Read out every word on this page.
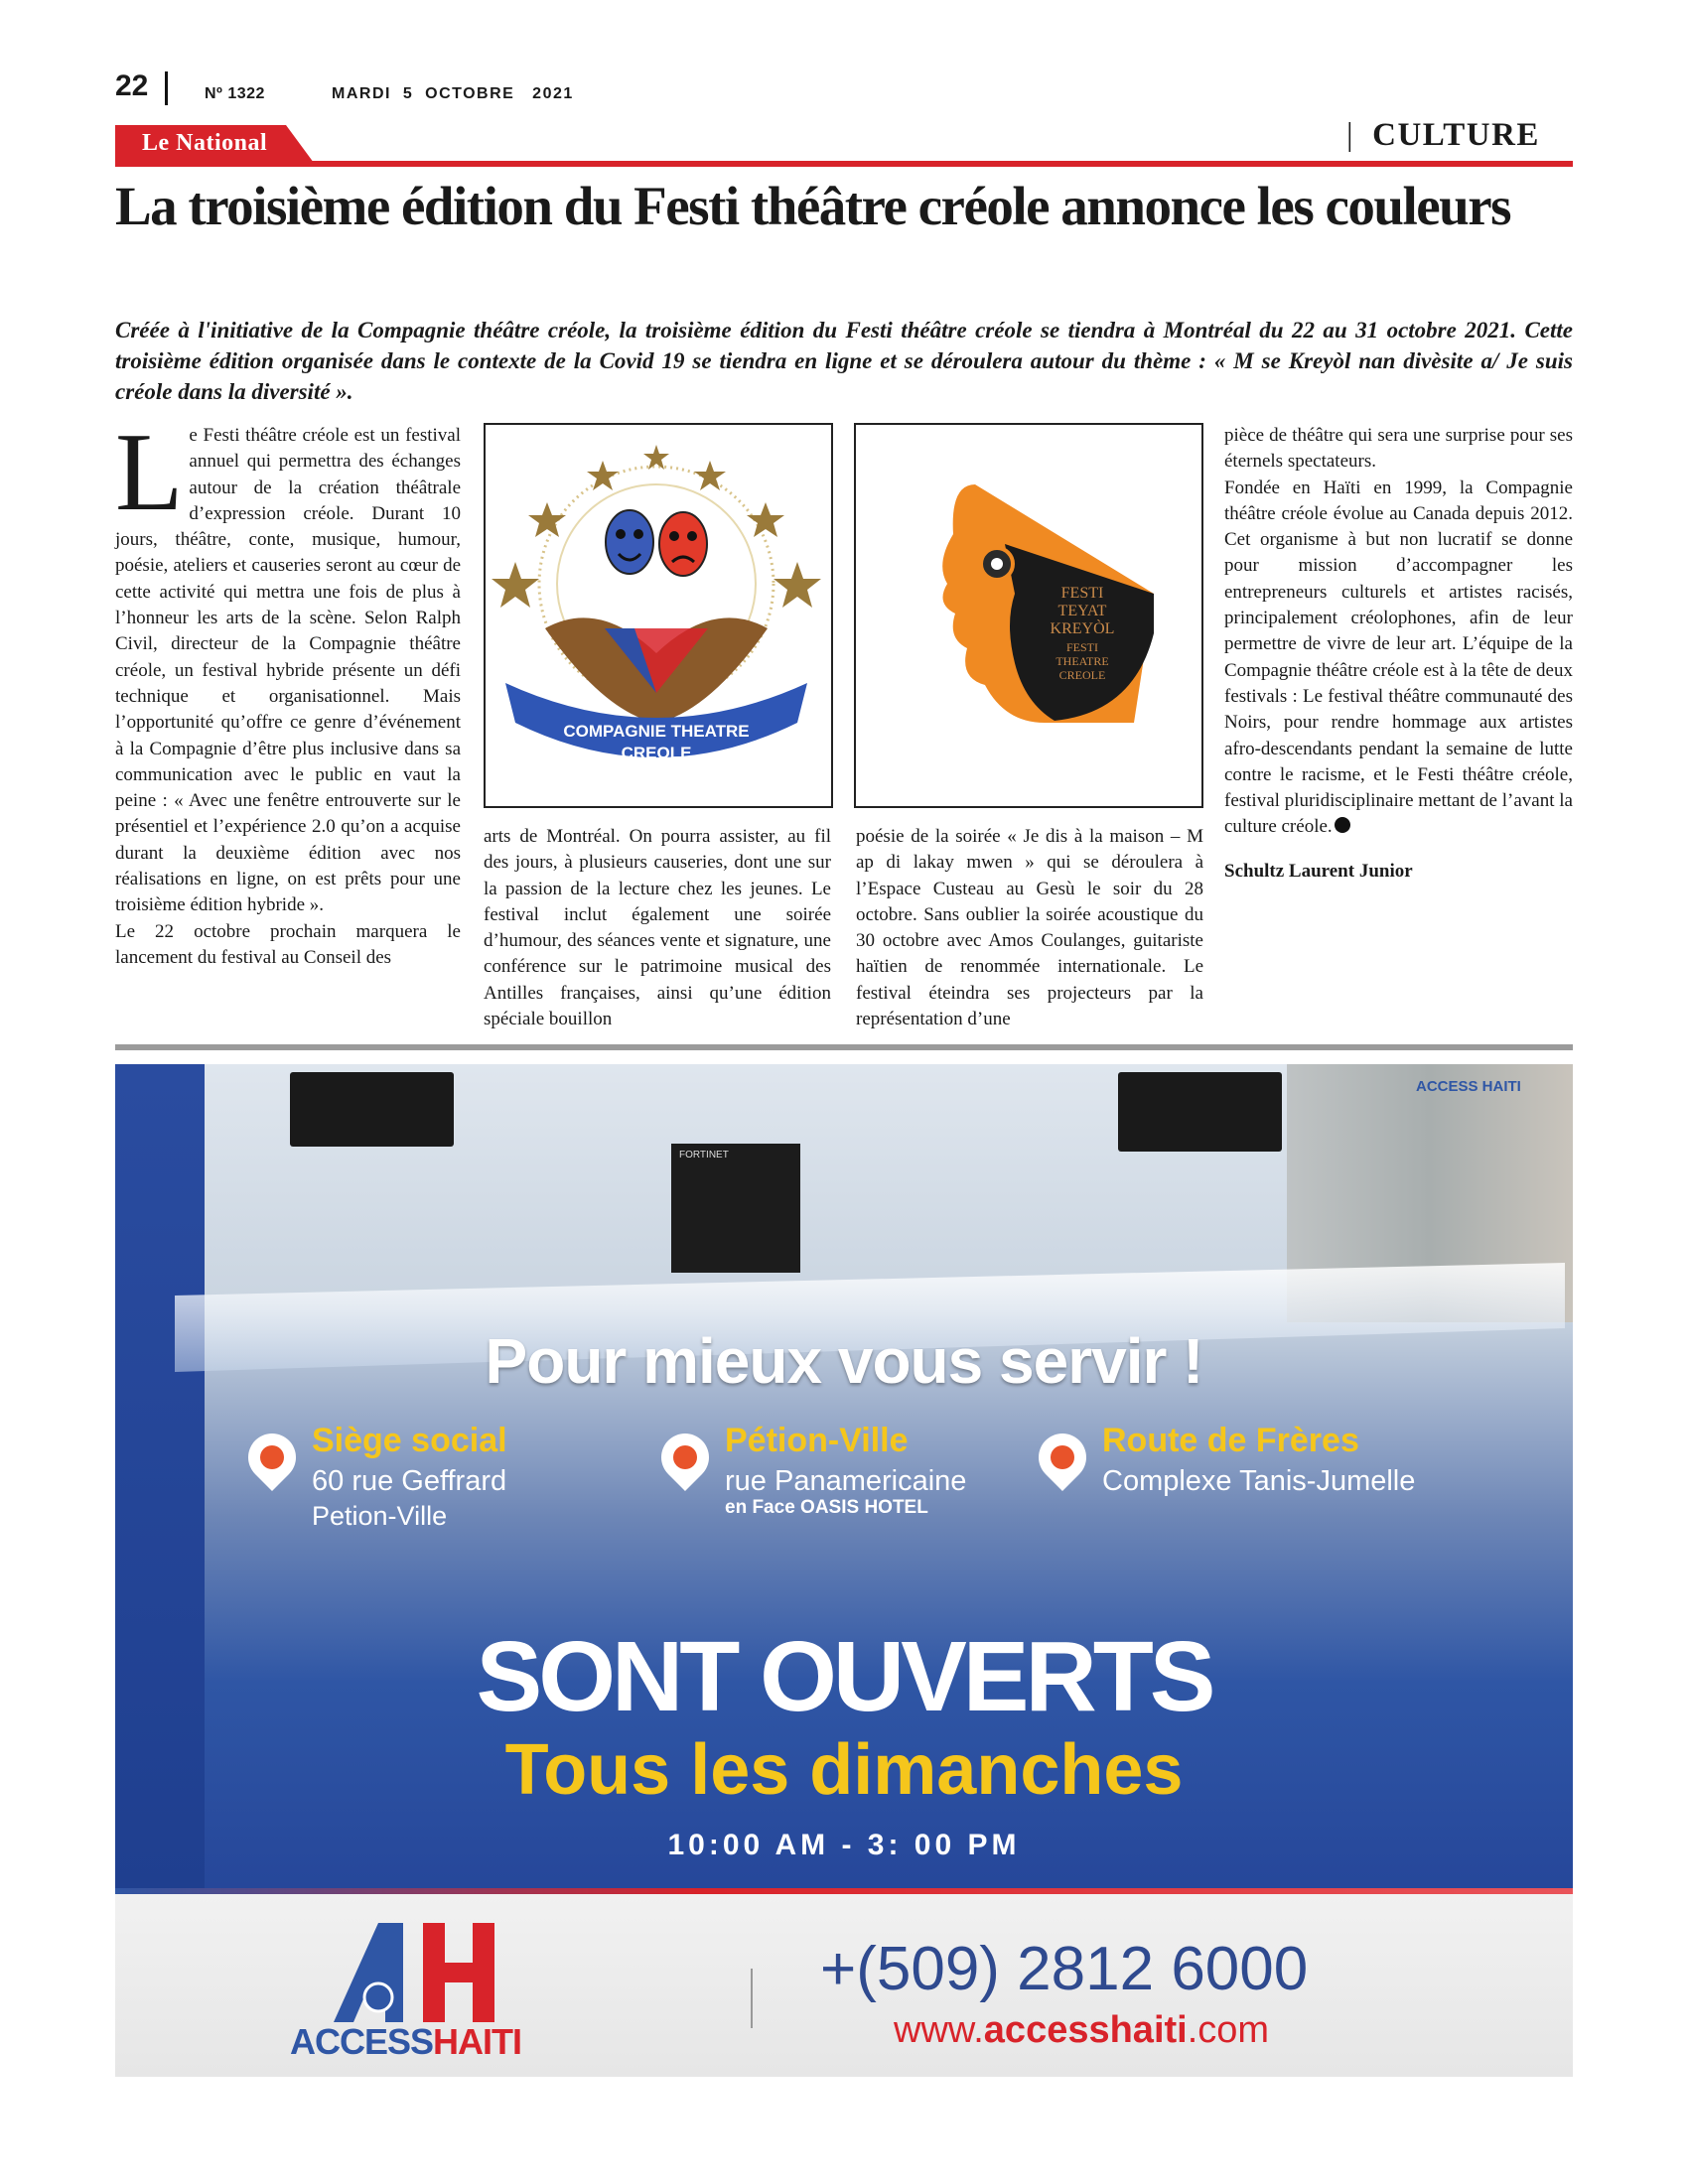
22	Nº 1322	MARDI  5  OCTOBRE   2021
Le National	| CULTURE
La troisième édition du Festi théâtre créole annonce les couleurs
Créée à l'initiative de la Compagnie théâtre créole, la troisième édition du Festi théâtre créole se tiendra à Montréal du 22 au 31 octobre 2021. Cette troisième édition organisée dans le contexte de la Covid 19 se tiendra en ligne et se déroulera autour du thème : « M se Kreyòl nan divèsite a/ Je suis créole dans la diversité ».

Le Festi théâtre créole est un festival annuel qui permettra des échanges autour de la création théâtrale d’expression créole. Durant 10 jours, théâtre, conte, musique, humour, poésie, ateliers et causeries seront au cœur de cette activité qui mettra une fois de plus à l’honneur les arts de la scène. Selon Ralph Civil, directeur de la Compagnie théâtre créole, un festival hybride présente un défi technique et organisationnel. Mais l’opportunité qu’offre ce genre d’événement à la Compagnie d’être plus inclusive dans sa communication avec le public en vaut la peine : « Avec une fenêtre entrouverte sur le présentiel et l’expérience 2.0 qu’on a acquise durant la deuxième édition avec nos réalisations en ligne, on est prêts pour une troisième édition hybride ».

Le 22 octobre prochain marquera le lancement du festival au Conseil des

COMPAGNIE THEATRE
CREOLE
FESTI
TEYAT
KREYÒL
FESTI
THEATRE
CREOLE

arts de Montréal. On pourra assister, au fil des jours, à plusieurs causeries, dont une sur la passion de la lecture chez les jeunes. Le festival inclut également une soirée d’humour, des séances vente et signature, une conférence sur le patrimoine musical des Antilles françaises, ainsi qu’une édition spéciale bouillon

poésie de la soirée « Je dis à la maison – M ap di lakay mwen » qui se déroulera à l’Espace Custeau au Gesù le soir du 28 octobre. Sans oublier la soirée acoustique du 30 octobre avec Amos Coulanges, guitariste haïtien de renommée internationale. Le festival éteindra ses projecteurs par la représentation d’une

pièce de théâtre qui sera une surprise pour ses éternels spectateurs.

Fondée en Haïti en 1999, la Compagnie théâtre créole évolue au Canada depuis 2012. Cet organisme à but non lucratif se donne pour mission d’accompagner les entrepreneurs culturels et artistes racisés, principalement créolophones, afin de leur permettre de vivre de leur art. L’équipe de la Compagnie théâtre créole est à la tête de deux festivals : Le festival théâtre communauté des Noirs, pour rendre hommage aux artistes afro-descendants pendant la semaine de lutte contre le racisme, et le Festi théâtre créole, festival pluridisciplinaire mettant de l’avant la culture créole.

Schultz Laurent Junior

ACCESS HAITI
FORTINET
Pour mieux vous servir !
Siège social
60 rue Geffrard
Petion-Ville
Pétion-Ville
rue Panamericaine
en Face OASIS HOTEL
Route de Frères
Complexe Tanis-Jumelle
SONT OUVERTS
Tous les dimanches
10:00 AM - 3: 00 PM
ACCESSHAITI
+(509) 2812 6000
www.accesshaiti.com
